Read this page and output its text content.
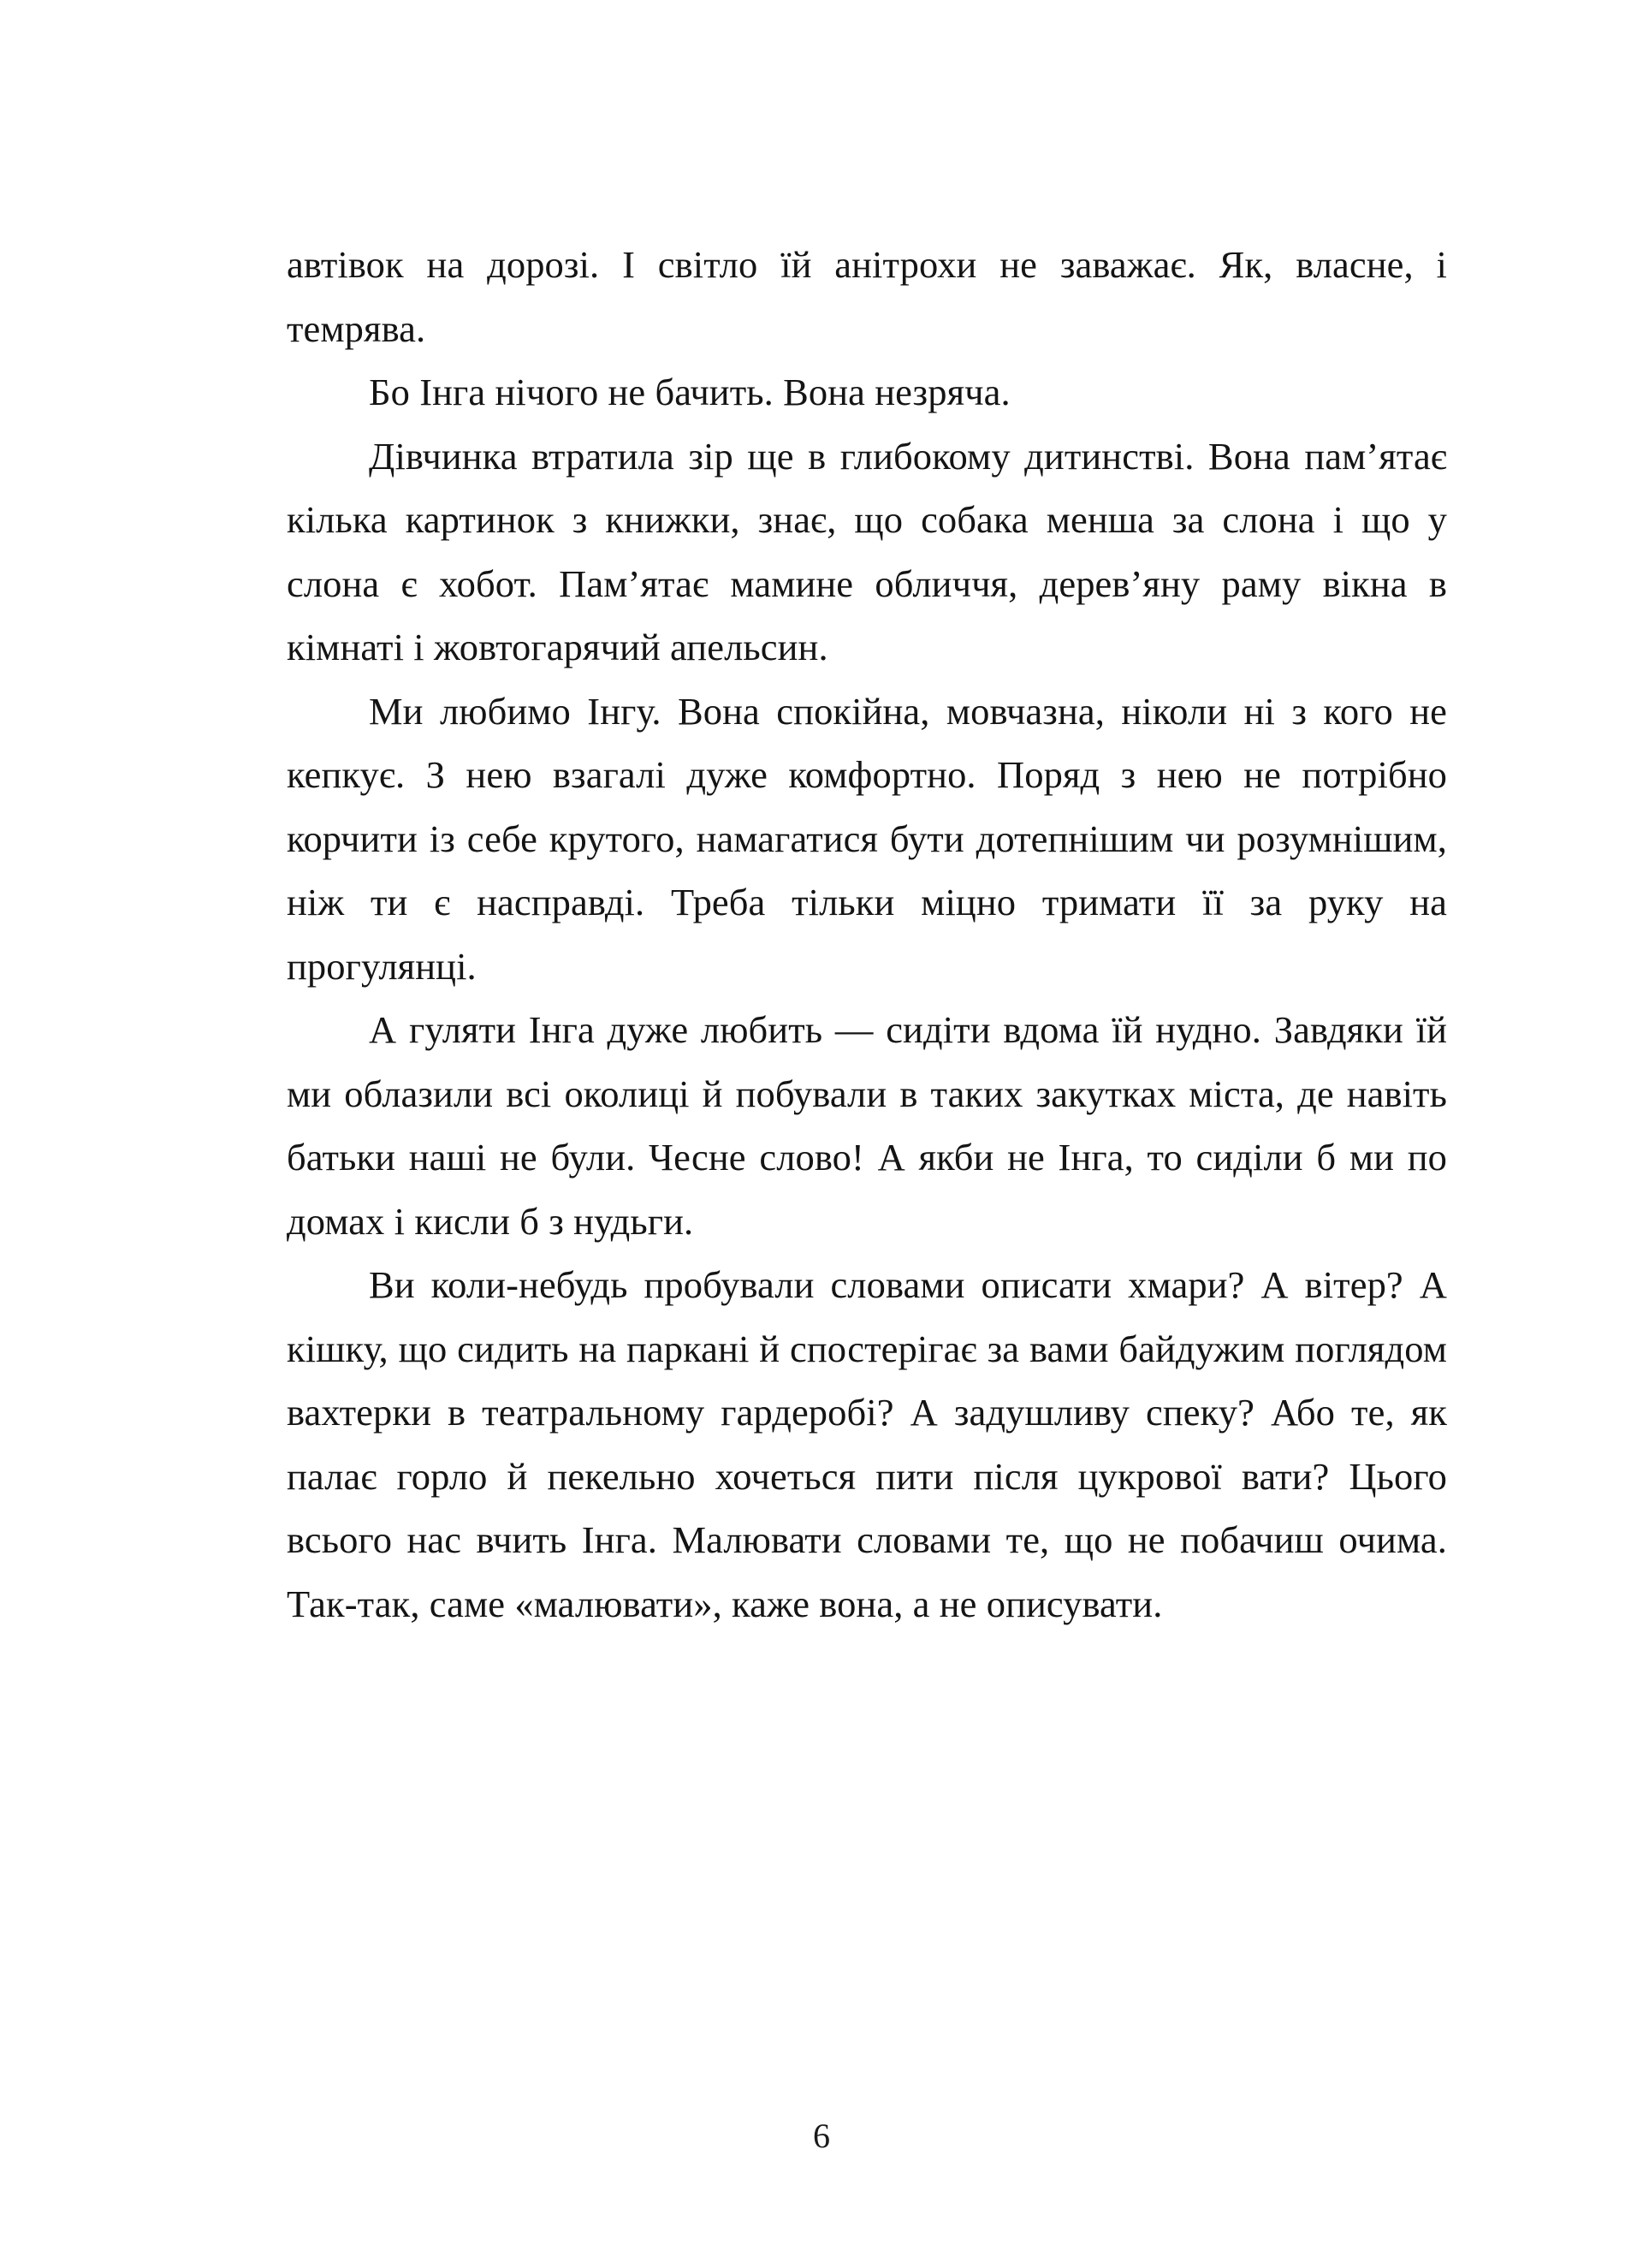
автівок на дорозі. І світло їй анітрохи не заважає. Як, власне, і темрява.

Бо Інга нічого не бачить. Вона незряча.

Дівчинка втратила зір ще в глибокому дитинстві. Вона пам’ятає кілька картинок з книжки, знає, що собака менша за слона і що у слона є хобот. Пам’ятає мамине обличчя, дерев’яну раму вікна в кімнаті і жовтогарячий апельсин.

Ми любимо Інгу. Вона спокійна, мовчазна, ніколи ні з кого не кепкує. З нею взагалі дуже комфортно. Поряд з нею не потрібно корчити із себе крутого, намагатися бути дотепнішим чи розумнішим, ніж ти є насправді. Треба тільки міцно тримати її за руку на прогулянці.

А гуляти Інга дуже любить — сидіти вдома їй нудно. Завдяки їй ми облазили всі околиці й побували в таких закутках міста, де навіть батьки наші не були. Чесне слово! А якби не Інга, то сиділи б ми по домах і кисли б з нудьги.

Ви коли-небудь пробували словами описати хмари? А вітер? А кішку, що сидить на паркані й спостерігає за вами байдужим поглядом вахтерки в театральному гардеробі? А задушливу спеку? Або те, як палає горло й пекельно хочеться пити після цукрової вати? Цього всього нас вчить Інга. Малювати словами те, що не побачиш очима. Так-так, саме «малювати», каже вона, а не описувати.

6
